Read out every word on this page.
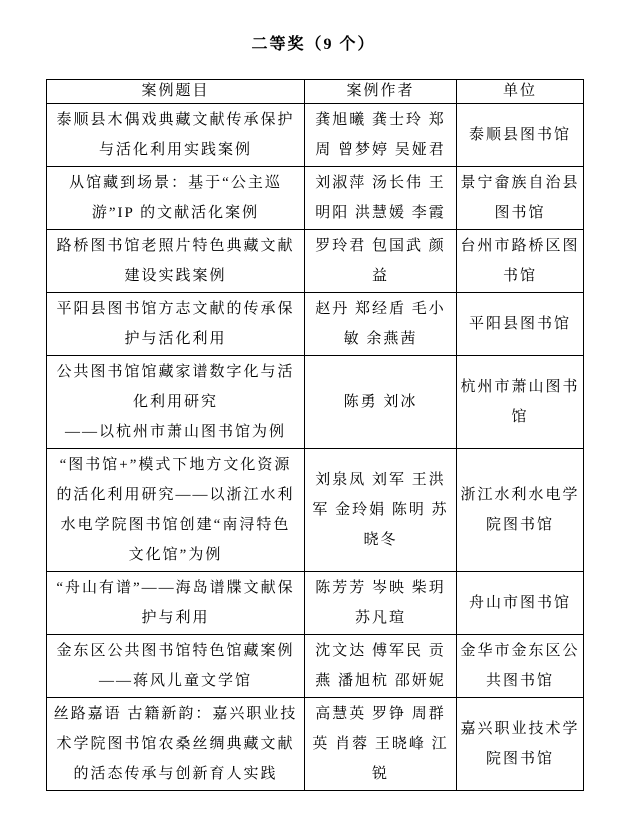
二等奖（9 个）
案例题目	案例作者	单位

泰顺县木偶戏典藏文献传承保护与活化利用实践案例	龚旭曦 龚士玲 郑周 曾梦婷 吴娅君	泰顺县图书馆

从馆藏到场景：基于“公主巡游”IP 的文献活化案例	刘淑萍 汤长伟 王明阳 洪慧媛 李霞	景宁畲族自治县图书馆

路桥图书馆老照片特色典藏文献建设实践案例	罗玲君 包国武 颜益	台州市路桥区图书馆

平阳县图书馆方志文献的传承保护与活化利用	赵丹 郑经盾 毛小敏 余燕茜	平阳县图书馆

公共图书馆馆藏家谱数字化与活化利用研究
——以杭州市萧山图书馆为例	陈勇 刘冰	杭州市萧山图书馆

“图书馆+”模式下地方文化资源的活化利用研究——以浙江水利水电学院图书馆创建“南浔特色文化馆”为例	刘泉凤 刘军 王洪军 金玲娟 陈明 苏晓冬	浙江水利水电学院图书馆

“舟山有谱”——海岛谱牒文献保护与利用	陈芳芳 岑映 柴玥 苏凡瑄	舟山市图书馆

金东区公共图书馆特色馆藏案例——蒋风儿童文学馆	沈文达 傅军民 贡燕 潘旭杭 邵妍妮	金华市金东区公共图书馆

丝路嘉语 古籍新韵：嘉兴职业技术学院图书馆农桑丝绸典藏文献的活态传承与创新育人实践	高慧英 罗铮 周群英 肖蓉 王晓峰 江锐	嘉兴职业技术学院图书馆
